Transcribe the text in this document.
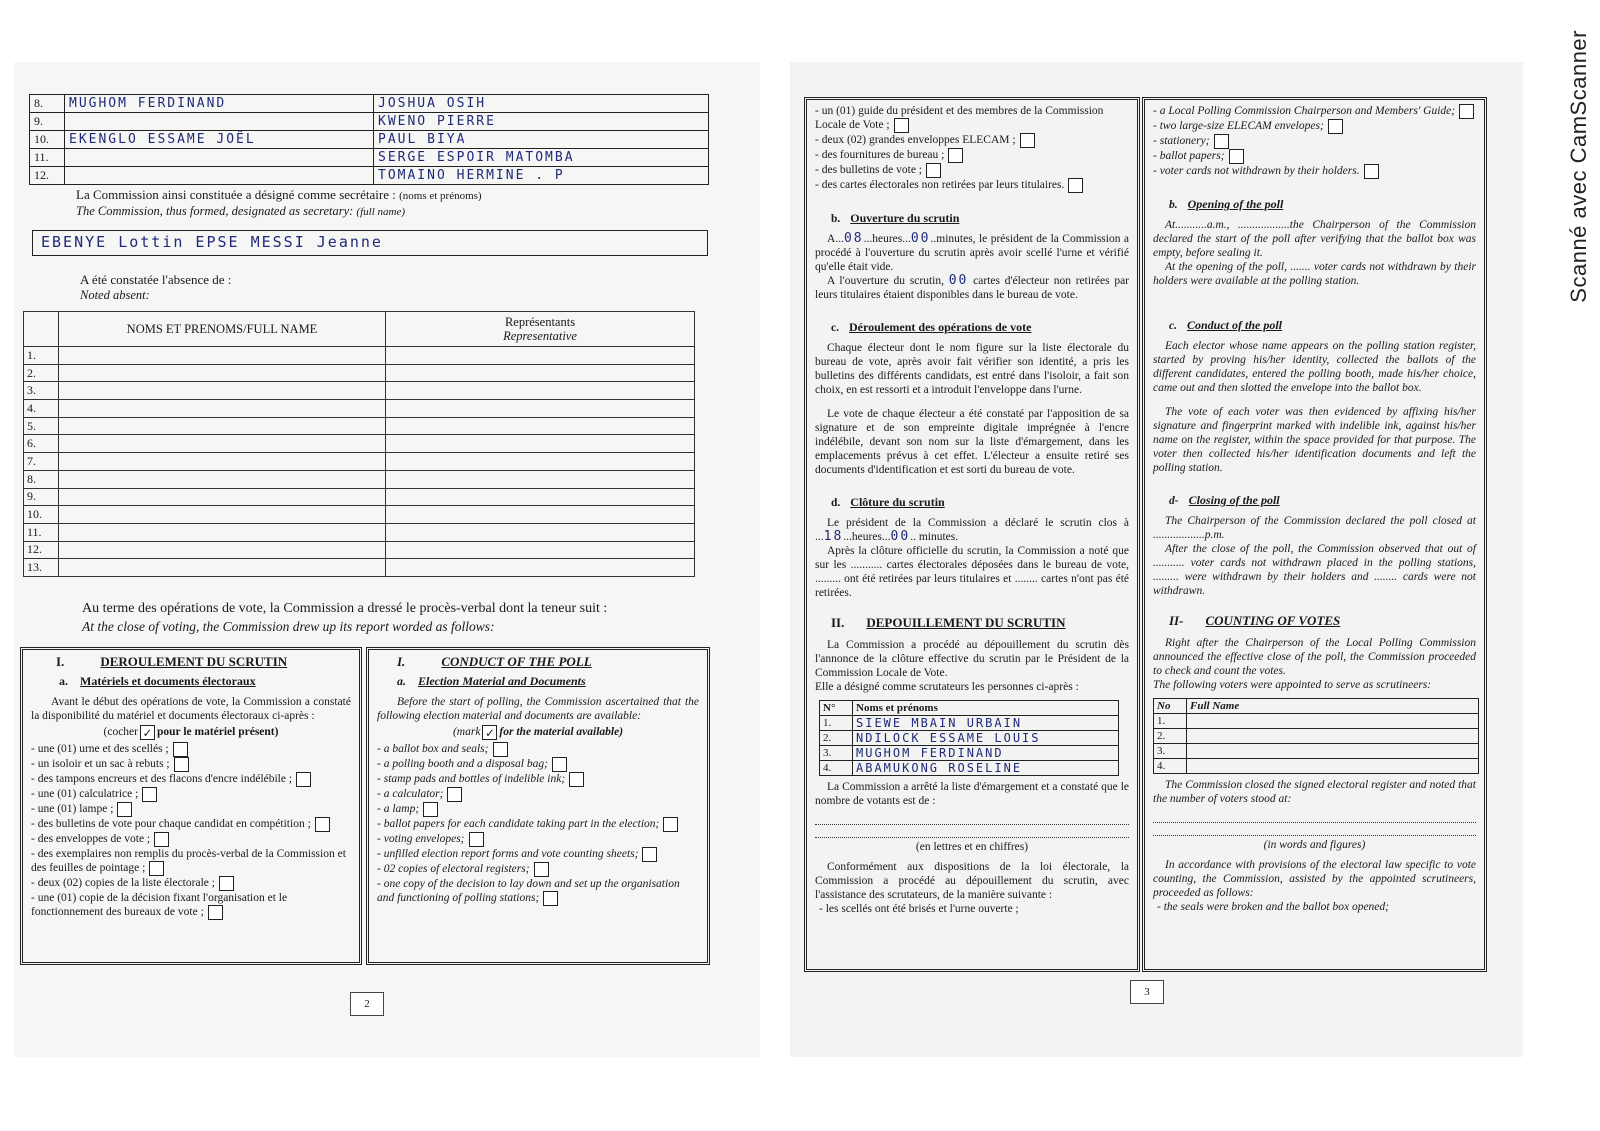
Scanné avec CamScanner
8.	MUGHOM FERDINAND	JOSHUA OSIH
9.		KWENO PIERRE
10.	EKENGLO ESSAME JOËL	PAUL BIYA
11.		SERGE ESPOIR MATOMBA
12.		TOMAINO HERMINE . P
La Commission ainsi constituée a désigné comme secrétaire : (noms et prénoms)
The Commission, thus formed, designated as secretary: (full name)
EBENYE Lottin EPSE MESSI Jeanne
A été constatée l'absence de :
Noted absent:
	NOMS ET PRENOMS/FULL NAME	Représentants
Representative

1.		
2.		
3.		
4.		
5.		
6.		
7.		
8.		
9.		
10.		
11.		
12.		
13.		
Au terme des opérations de vote, la Commission a dressé le procès-verbal dont la teneur suit :
At the close of voting, the Commission drew up its report worded as follows:
I.	DEROULEMENT DU SCRUTIN
a. Matériels et documents électoraux
Avant le début des opérations de vote, la Commission a constaté la disponibilité du matériel et documents électoraux ci-après :
(cocher ✓ pour le matériel présent)
- une (01) urne et des scellés ;
- un isoloir et un sac à rebuts ;
- des tampons encreurs et des flacons d'encre indélébile ;
- une (01) calculatrice ;
- une (01) lampe ;
- des bulletins de vote pour chaque candidat en compétition ;
- des enveloppes de vote ;
- des exemplaires non remplis du procès-verbal de la Commission et des feuilles de pointage ;
- deux (02) copies de la liste électorale ;
- une (01) copie de la décision fixant l'organisation et le fonctionnement des bureaux de vote ;
I.	CONDUCT OF THE POLL
a. Election Material and Documents
Before the start of polling, the Commission ascertained that the following election material and documents are available:
(mark ✓ for the material available)
- a ballot box and seals;
- a polling booth and a disposal bag;
- stamp pads and bottles of indelible ink;
- a calculator;
- a lamp;
- ballot papers for each candidate taking part in the election;
- voting envelopes;
- unfilled election report forms and vote counting sheets;
- 02 copies of electoral registers;
- one copy of the decision to lay down and set up the organisation and functioning of polling stations;
2
- un (01) guide du président et des membres de la Commission Locale de Vote ;
- deux (02) grandes enveloppes ELECAM ;
- des fournitures de bureau ;
- des bulletins de vote ;
- des cartes électorales non retirées par leurs titulaires.
b. Ouverture du scrutin
A...08...heures...00..minutes, le président de la Commission a procédé à l'ouverture du scrutin après avoir scellé l'urne et vérifié qu'elle était vide.
A l'ouverture du scrutin, 00 cartes d'électeur non retirées par leurs titulaires étaient disponibles dans le bureau de vote.
c. Déroulement des opérations de vote
Chaque électeur dont le nom figure sur la liste électorale du bureau de vote, après avoir fait vérifier son identité, a pris les bulletins des différents candidats, est entré dans l'isoloir, a fait son choix, en est ressorti et a introduit l'enveloppe dans l'urne.
Le vote de chaque électeur a été constaté par l'apposition de sa signature et de son empreinte digitale imprégnée à l'encre indélébile, devant son nom sur la liste d'émargement, dans les emplacements prévus à cet effet. L'électeur a ensuite retiré ses documents d'identification et est sorti du bureau de vote.
d. Clôture du scrutin
Le président de la Commission a déclaré le scrutin clos à ...18...heures...00.. minutes.
Après la clôture officielle du scrutin, la Commission a noté que sur les ........... cartes électorales déposées dans le bureau de vote, ......... ont été retirées par leurs titulaires et ........ cartes n'ont pas été retirées.
II. DEPOUILLEMENT DU SCRUTIN
La Commission a procédé au dépouillement du scrutin dès l'annonce de la clôture effective du scrutin par le Président de la Commission Locale de Vote.
Elle a désigné comme scrutateurs les personnes ci-après :
N°	Noms et prénoms
1.	SIEWE MBAIN URBAIN
2.	NDILOCK ESSAME LOUIS
3.	MUGHOM FERDINAND
4.	ABAMUKONG ROSELINE
La Commission a arrêté la liste d'émargement et a constaté que le nombre de votants est de :
(en lettres et en chiffres)
Conformément aux dispositions de la loi électorale, la Commission a procédé au dépouillement du scrutin, avec l'assistance des scrutateurs, de la manière suivante :
- les scellés ont été brisés et l'urne ouverte ;
- a Local Polling Commission Chairperson and Members' Guide;
- two large-size ELECAM envelopes;
- stationery;
- ballot papers;
- voter cards not withdrawn by their holders.
b. Opening of the poll
At...........a.m., ..................the Chairperson of the Commission declared the start of the poll after verifying that the ballot box was empty, before sealing it.
At the opening of the poll, ....... voter cards not withdrawn by their holders were available at the polling station.
c. Conduct of the poll
Each elector whose name appears on the polling station register, started by proving his/her identity, collected the ballots of the different candidates, entered the polling booth, made his/her choice, came out and then slotted the envelope into the ballot box.
The vote of each voter was then evidenced by affixing his/her signature and fingerprint marked with indelible ink, against his/her name on the register, within the space provided for that purpose. The voter then collected his/her identification documents and left the polling station.
d- Closing of the poll
The Chairperson of the Commission declared the poll closed at ..................p.m.
After the close of the poll, the Commission observed that out of ........... voter cards not withdrawn placed in the polling stations, ......... were withdrawn by their holders and ........ cards were not withdrawn.
II- COUNTING OF VOTES
Right after the Chairperson of the Local Polling Commission announced the effective close of the poll, the Commission proceeded to check and count the votes.
The following voters were appointed to serve as scrutineers:
No	Full Name
1.	
2.	
3.	
4.	
The Commission closed the signed electoral register and noted that the number of voters stood at:
(in words and figures)
In accordance with provisions of the electoral law specific to vote counting, the Commission, assisted by the appointed scrutineers, proceeded as follows:
- the seals were broken and the ballot box opened;
3
